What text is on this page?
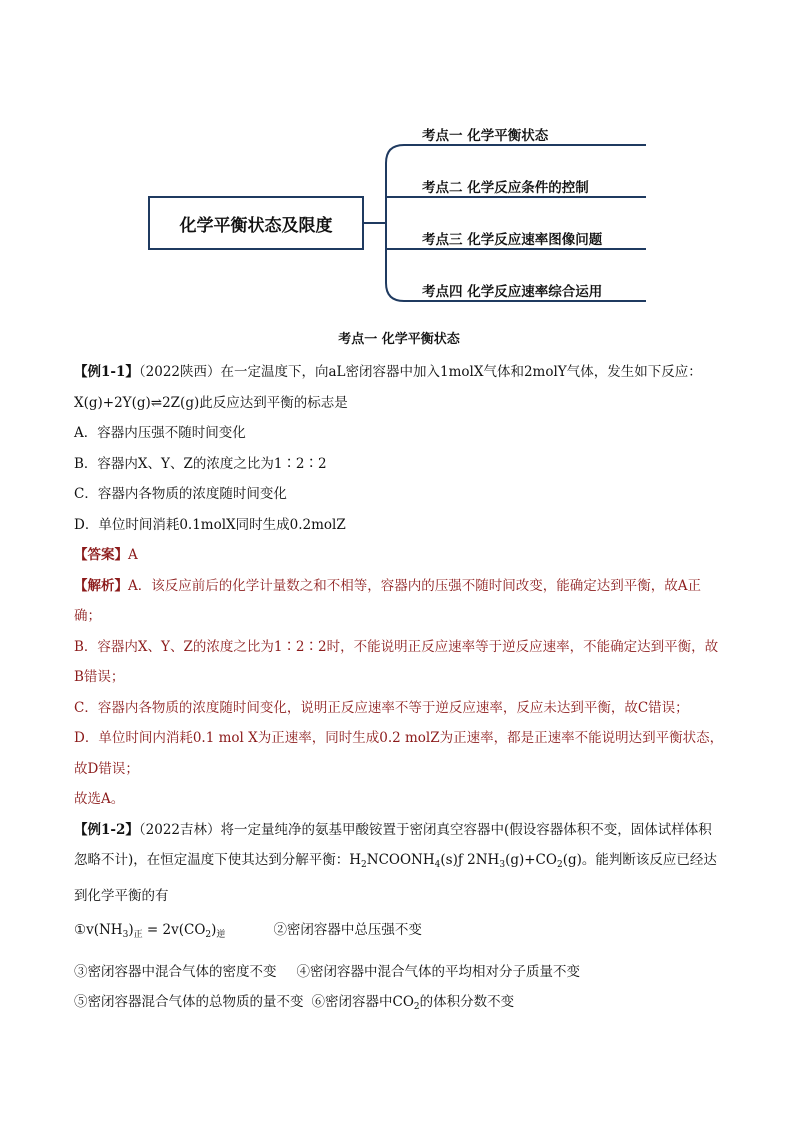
化学平衡状态及限度
考点一 化学平衡状态
考点二 化学反应条件的控制
考点三 化学反应速率图像问题
考点四 化学反应速率综合运用
考点一 化学平衡状态
【例1-1】（2022陕西）在一定温度下，向aL密闭容器中加入1molX气体和2molY气体，发生如下反应：
X(g)+2Y(g)⇌2Z(g)此反应达到平衡的标志是
A．容器内压强不随时间变化
B．容器内X、Y、Z的浓度之比为1∶2∶2
C．容器内各物质的浓度随时间变化
D．单位时间消耗0.1molX同时生成0.2molZ
【答案】A
【解析】A．该反应前后的化学计量数之和不相等，容器内的压强不随时间改变，能确定达到平衡，故A正确；
B．容器内X、Y、Z的浓度之比为1∶2∶2时，不能说明正反应速率等于逆反应速率，不能确定达到平衡，故B错误；
C．容器内各物质的浓度随时间变化，说明正反应速率不等于逆反应速率，反应未达到平衡，故C错误；
D．单位时间内消耗0.1 mol X为正速率，同时生成0.2 molZ为正速率，都是正速率不能说明达到平衡状态，故D错误；
故选A。
【例1-2】（2022吉林）将一定量纯净的氨基甲酸铵置于密闭真空容器中(假设容器体积不变，固体试样体积忽略不计)，在恒定温度下使其达到分解平衡：$H_2NCOONH_4(s)ƒ$ $2NH_3(g)+CO_2(g)$。能判断该反应已经达到化学平衡的有
$①v(NH_3)_正 = 2v(CO_2)_逆$	②密闭容器中总压强不变
③密闭容器中混合气体的密度不变 ④密闭容器中混合气体的平均相对分子质量不变
⑤密闭容器混合气体的总物质的量不变 ⑥密闭容器中$CO_2$的体积分数不变
